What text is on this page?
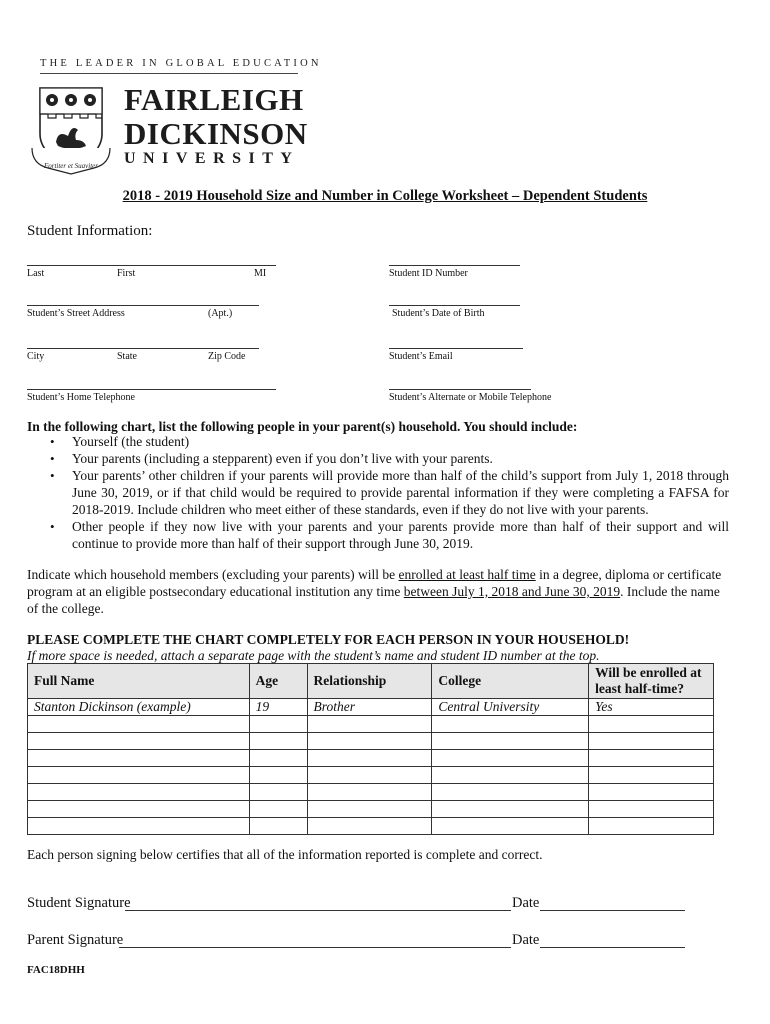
THE LEADER IN GLOBAL EDUCATION
Fortiter et Suaviter
FAIRLEIGH
DICKINSON
UNIVERSITY
2018 - 2019 Household Size and Number in College Worksheet – Dependent Students
Student Information:
Last	First	MI	Student ID Number
Student’s Street Address	(Apt.)	Student’s Date of Birth
City	State	Zip Code	Student’s Email
Student’s Home Telephone	Student’s Alternate or Mobile Telephone
In the following chart, list the following people in your parent(s) household. You should include:
• Yourself (the student)
• Your parents (including a stepparent) even if you don’t live with your parents.
• Your parents’ other children if your parents will provide more than half of the child’s support from July 1, 2018 through June 30, 2019, or if that child would be required to provide parental information if they were completing a FAFSA for 2018-2019. Include children who meet either of these standards, even if they do not live with your parents.
• Other people if they now live with your parents and your parents provide more than half of their support and will continue to provide more than half of their support through June 30, 2019.
Indicate which household members (excluding your parents) will be enrolled at least half time in a degree, diploma or certificate program at an eligible postsecondary educational institution any time between July 1, 2018 and June 30, 2019. Include the name of the college.
PLEASE COMPLETE THE CHART COMPLETELY FOR EACH PERSON IN YOUR HOUSEHOLD!
If more space is needed, attach a separate page with the student’s name and student ID number at the top.
Full Name	Age	Relationship	College	Will be enrolled at least half-time?
Stanton Dickinson (example)	19	Brother	Central University	Yes

Each person signing below certifies that all of the information reported is complete and correct.
Student Signature	Date
Parent Signature	Date
FAC18DHH
